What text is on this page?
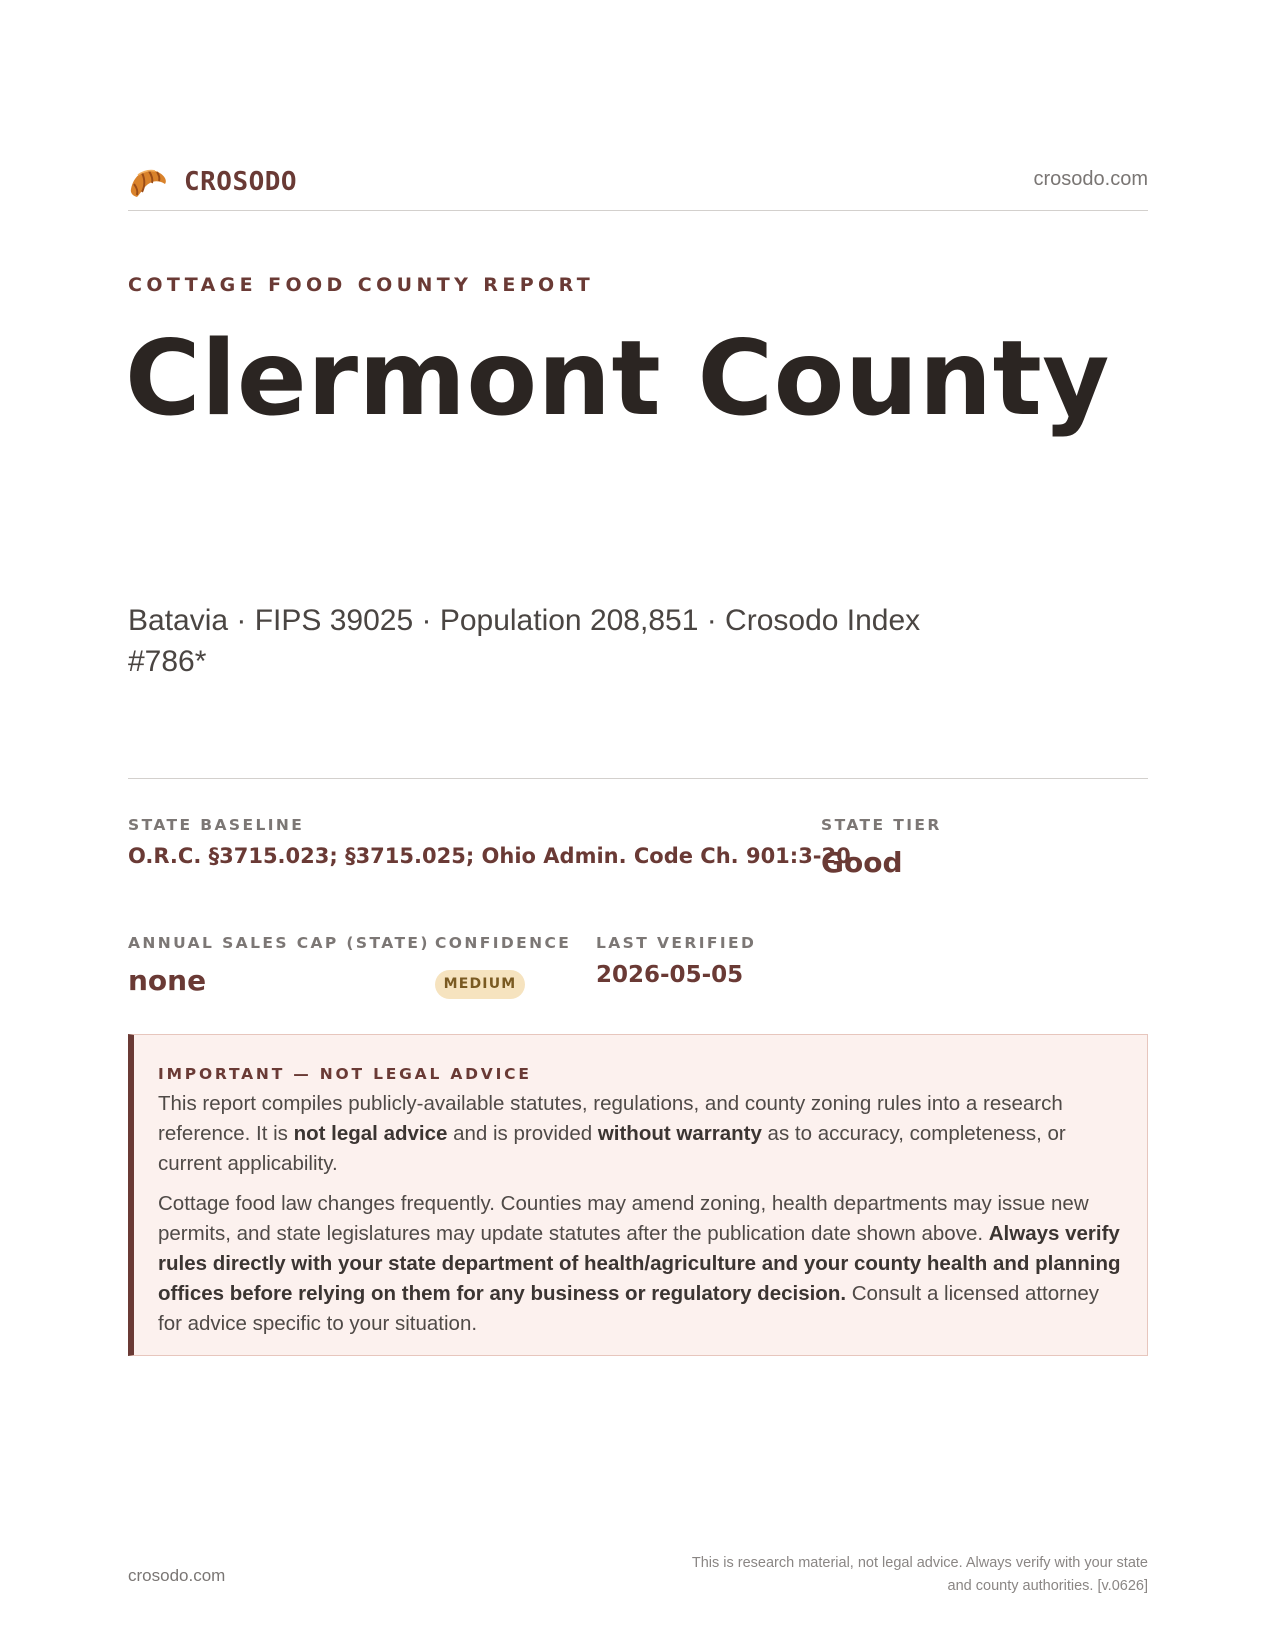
CROSODO	crosodo.com
COTTAGE FOOD COUNTY REPORT
Clermont County
Batavia · FIPS 39025 · Population 208,851 · Crosodo Index #786*
STATE BASELINE
O.R.C. §3715.023; §3715.025; Ohio Admin. Code Ch. 901:3-20
STATE TIER
Good
ANNUAL SALES CAP (STATE)
none
CONFIDENCE
MEDIUM
LAST VERIFIED
2026-05-05
IMPORTANT — NOT LEGAL ADVICE

This report compiles publicly-available statutes, regulations, and county zoning rules into a research reference. It is not legal advice and is provided without warranty as to accuracy, completeness, or current applicability.

Cottage food law changes frequently. Counties may amend zoning, health departments may issue new permits, and state legislatures may update statutes after the publication date shown above. Always verify rules directly with your state department of health/agriculture and your county health and planning offices before relying on them for any business or regulatory decision. Consult a licensed attorney for advice specific to your situation.

crosodo.com
This is research material, not legal advice. Always verify with your state
and county authorities. [v.0626]
